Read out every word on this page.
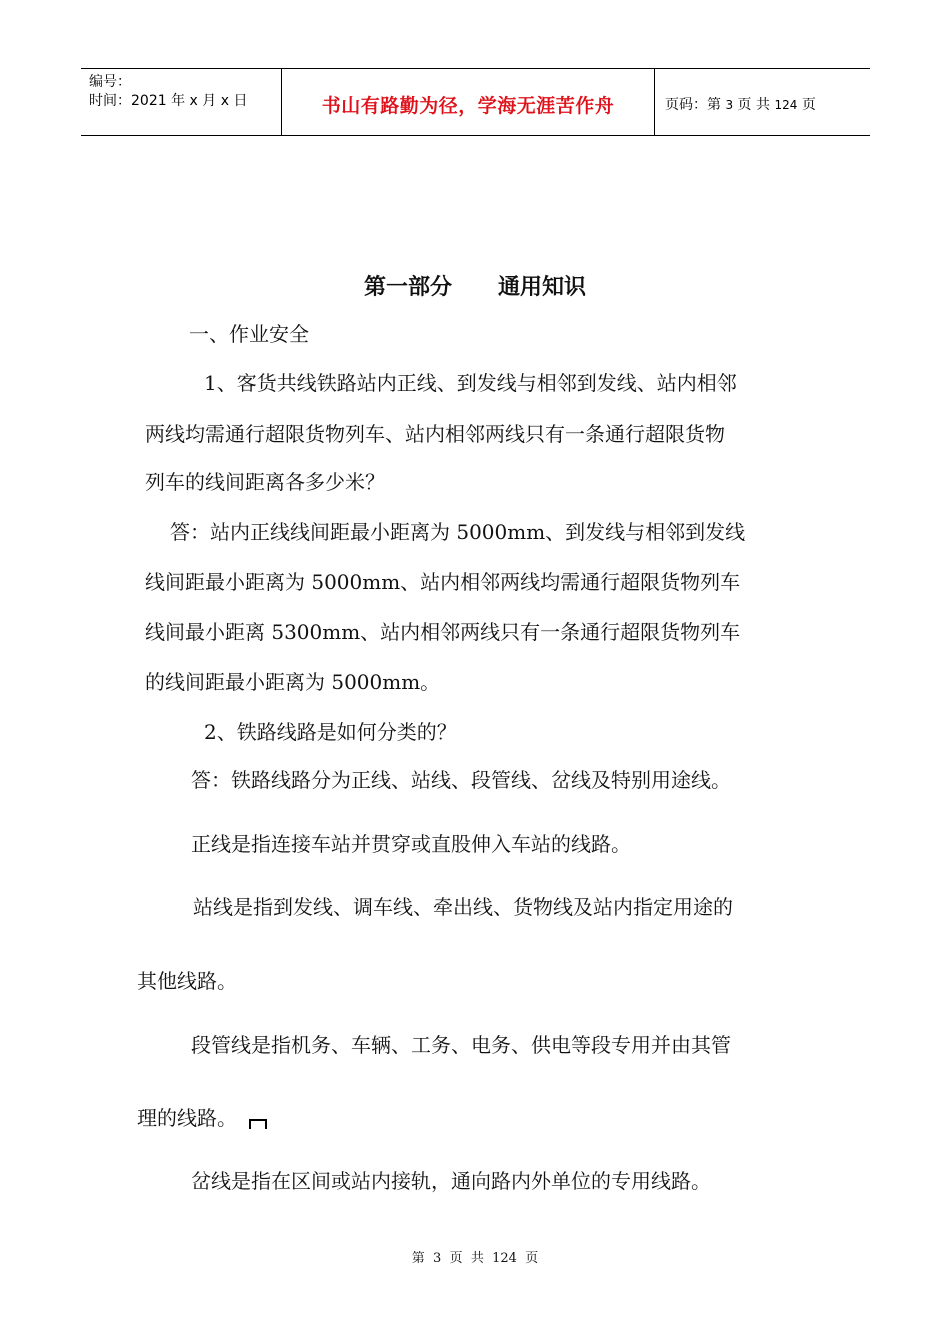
编号：
时间：2021 年 x 月 x 日	书山有路勤为径，学海无涯苦作舟	页码：第 3 页 共 124 页
第一部分      通用知识
一、作业安全
1、客货共线铁路站内正线、到发线与相邻到发线、站内相邻
两线均需通行超限货物列车、站内相邻两线只有一条通行超限货物
列车的线间距离各多少米？
答：站内正线线间距最小距离为 5000mm、到发线与相邻到发线
线间距最小距离为 5000mm、站内相邻两线均需通行超限货物列车
线间最小距离 5300mm、站内相邻两线只有一条通行超限货物列车
的线间距最小距离为 5000mm。
2、铁路线路是如何分类的？
答：铁路线路分为正线、站线、段管线、岔线及特别用途线。
正线是指连接车站并贯穿或直股伸入车站的线路。
站线是指到发线、调车线、牵出线、货物线及站内指定用途的
其他线路。
段管线是指机务、车辆、工务、电务、供电等段专用并由其管
理的线路。
岔线是指在区间或站内接轨，通向路内外单位的专用线路。
第  3  页  共  124  页
